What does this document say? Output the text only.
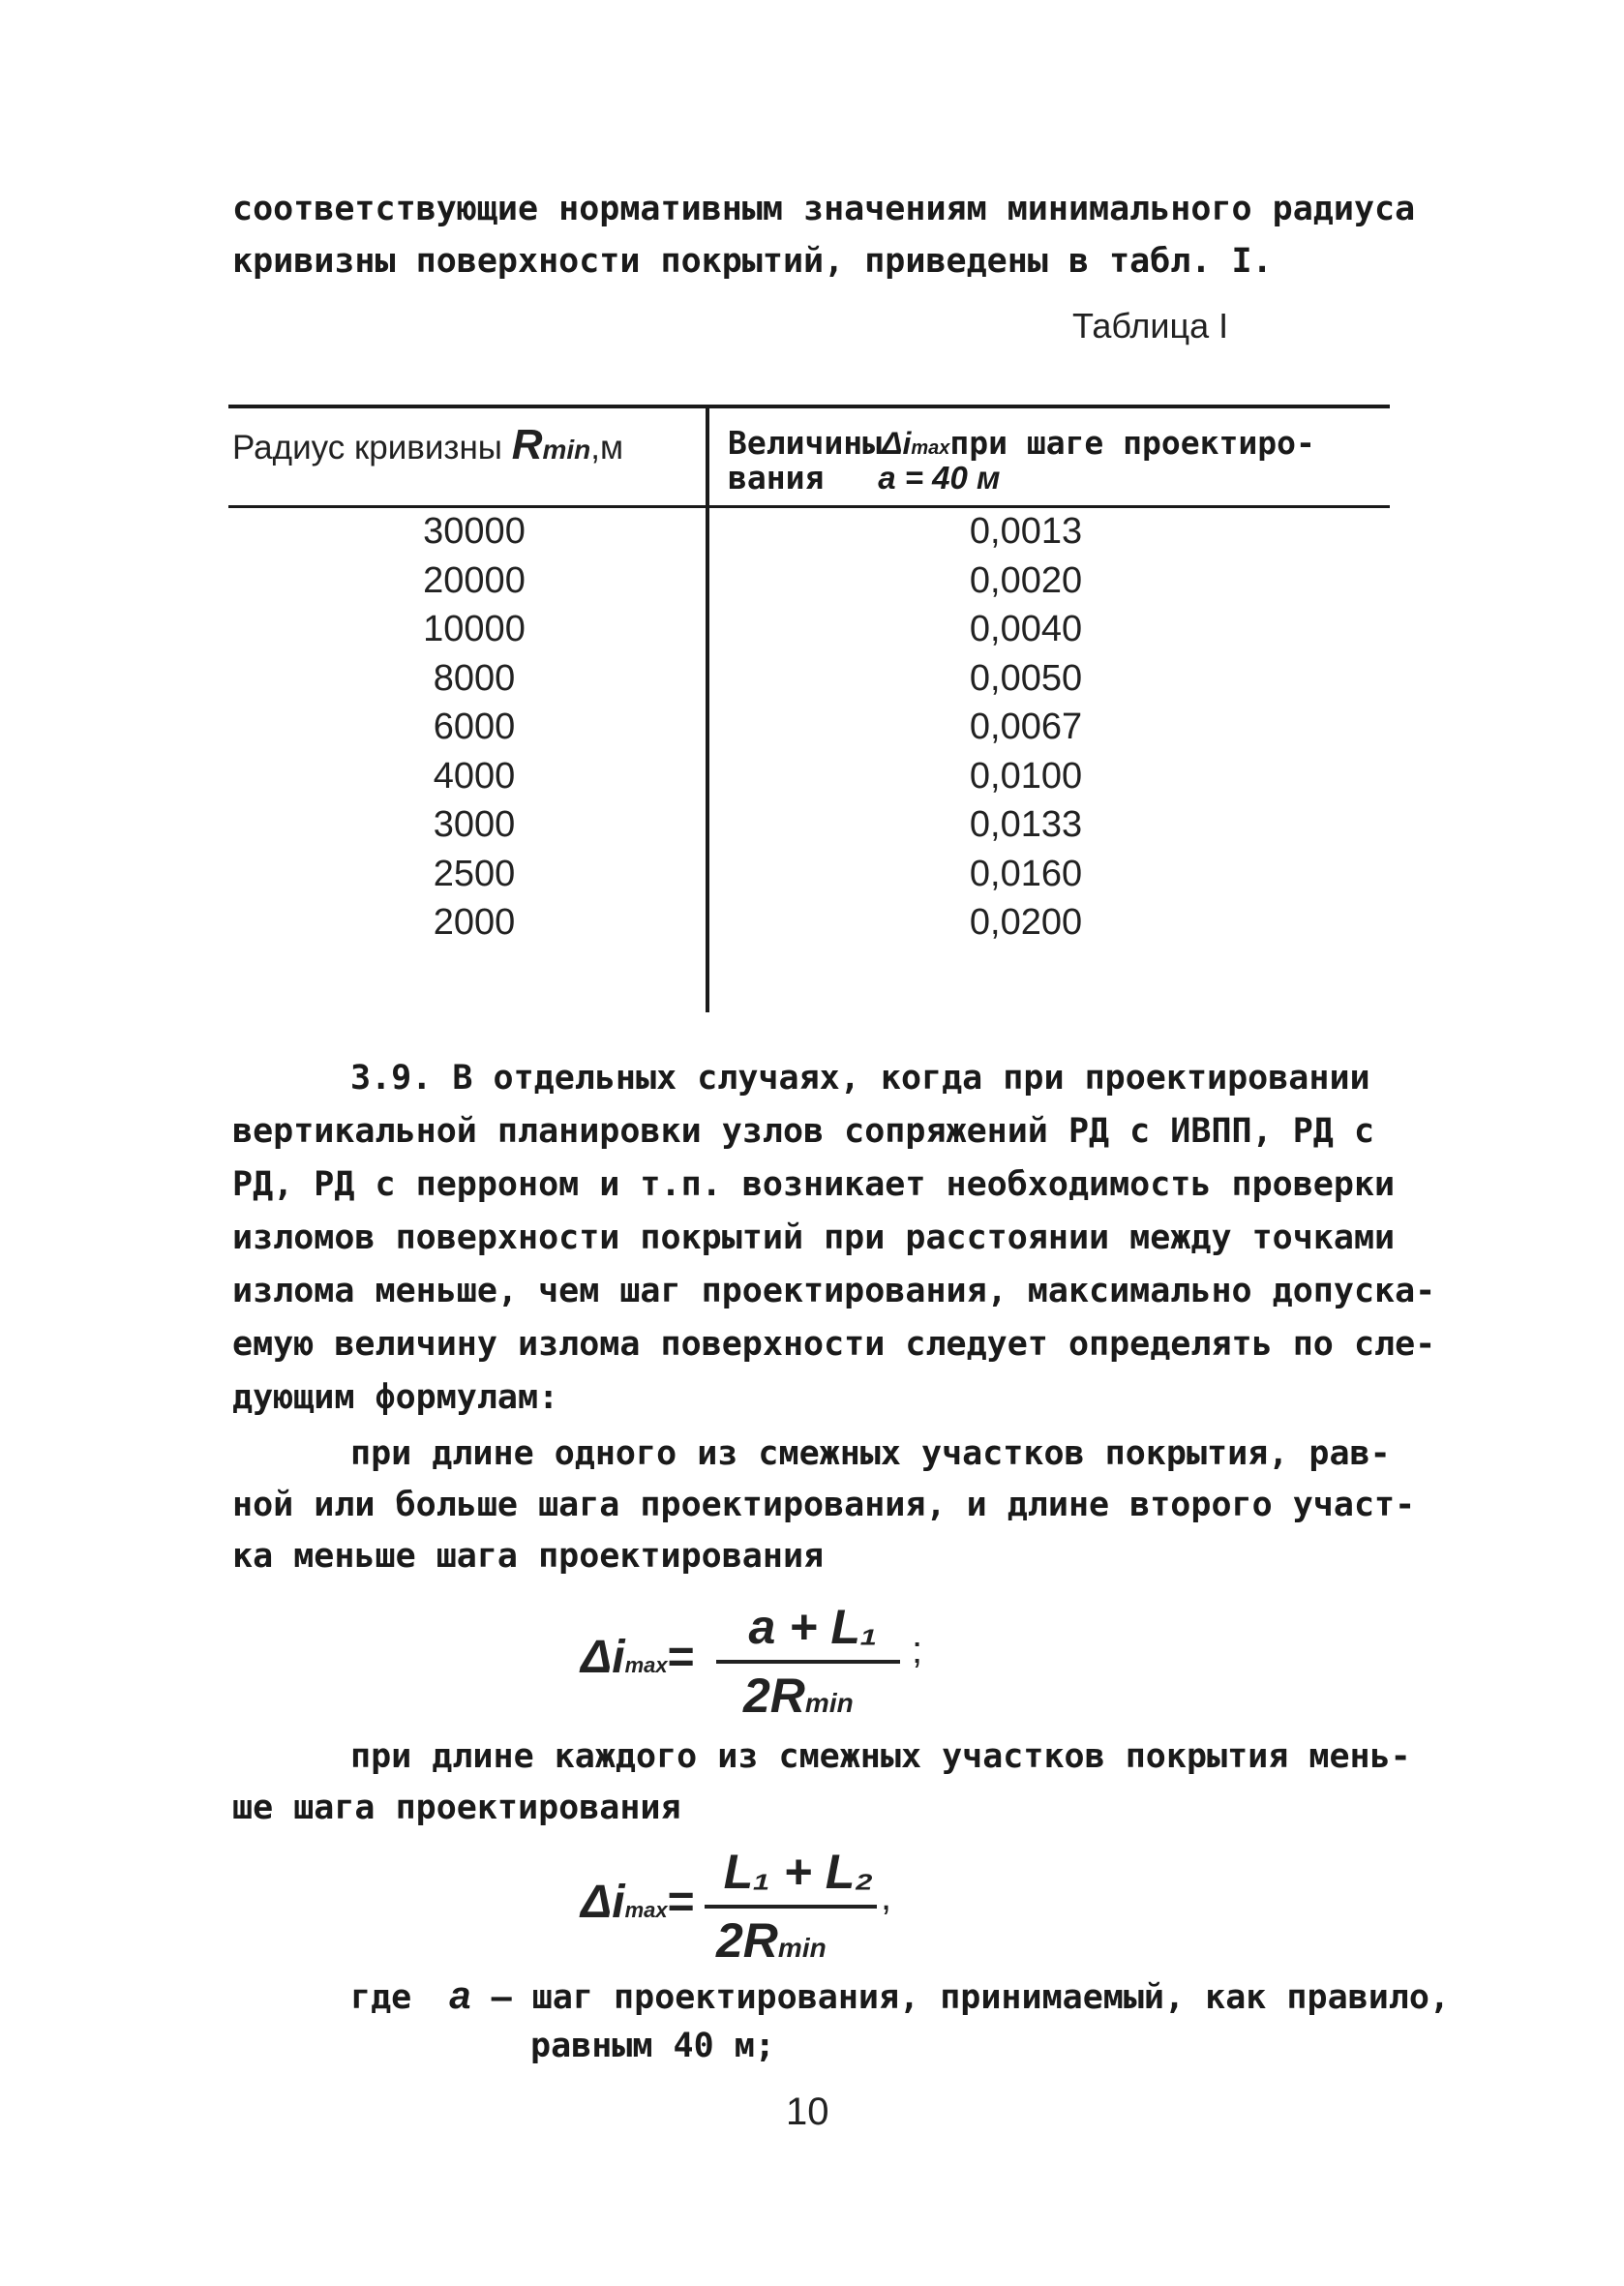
соответствующие нормативным значениям минимального радиуса
кривизны поверхности покрытий, приведены в табл. I.
Таблица I
Радиус кривизны Rmin,м	ВеличиныΔimaxпри шаге проектиро-
вания a = 40 м
30000	0,0013
20000	0,0020
10000	0,0040
8000	0,0050
6000	0,0067
4000	0,0100
3000	0,0133
2500	0,0160
2000	0,0200
3.9. В отдельных случаях, когда при проектировании
вертикальной планировки узлов сопряжений РД с ИВПП, РД с
РД, РД с перроном и т.п. возникает необходимость проверки
изломов поверхности покрытий при расстоянии между точками
излома меньше, чем шаг проектирования, максимально допуска-
емую величину излома поверхности следует определять по сле-
дующим формулам:
при длине одного из смежных участков покрытия, рав-
ной или больше шага проектирования, и длине второго участ-
ка меньше шага проектирования
Δimax=
a + L₁
2Rmin
;
при длине каждого из смежных участков покрытия мень-
ше шага проектирования
Δimax=
L₁ + L₂
2Rmin
,
где a – шаг проектирования, принимаемый, как правило,
равным 40 м;
10
